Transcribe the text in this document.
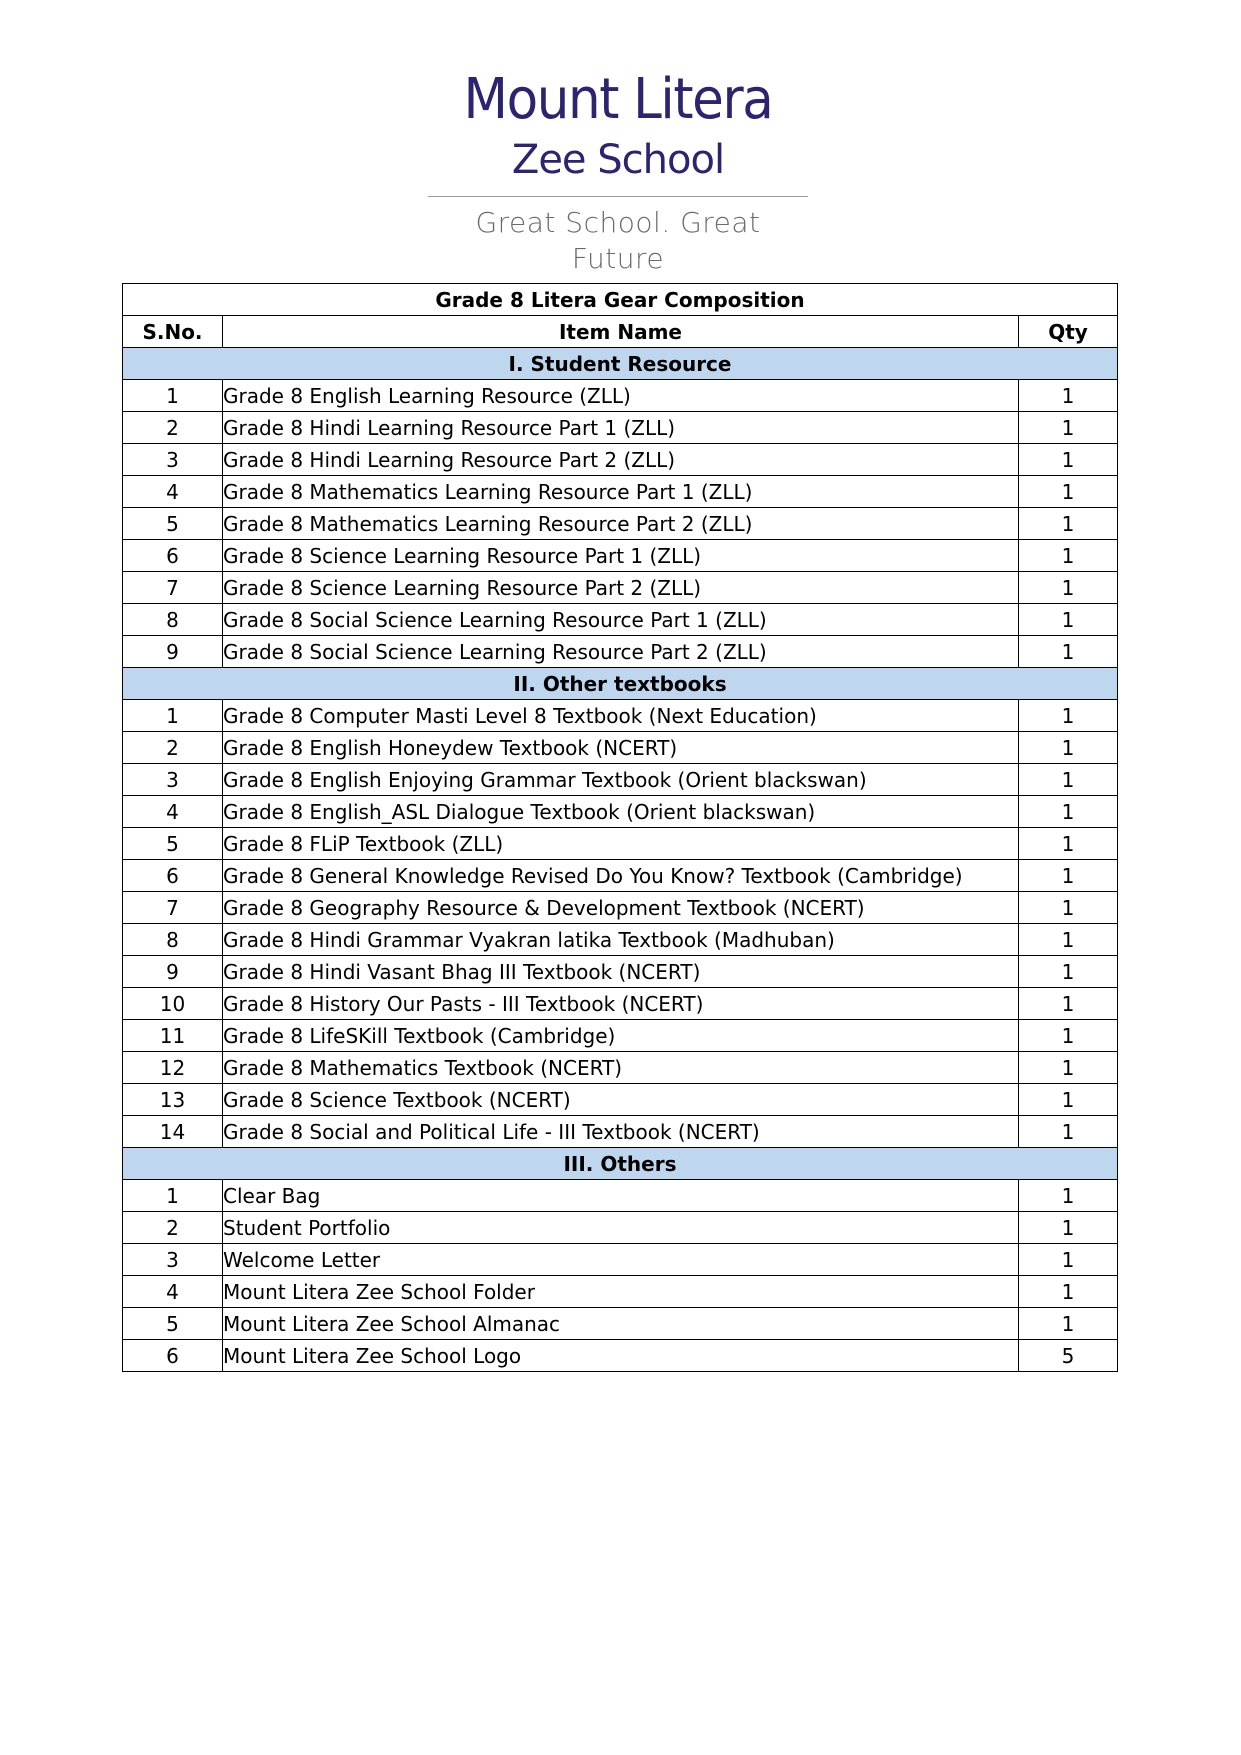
Mount Litera
Zee School
Great School. Great Future
Grade 8 Litera Gear Composition		
S.No.	Item Name	Qty
I. Student Resource		
1	Grade 8 English Learning Resource (ZLL)	1
2	Grade 8 Hindi Learning Resource Part 1 (ZLL)	1
3	Grade 8 Hindi Learning Resource Part 2 (ZLL)	1
4	Grade 8 Mathematics Learning Resource Part 1 (ZLL)	1
5	Grade 8 Mathematics Learning Resource Part 2 (ZLL)	1
6	Grade 8 Science Learning Resource Part 1 (ZLL)	1
7	Grade 8 Science Learning Resource Part 2 (ZLL)	1
8	Grade 8 Social Science Learning Resource Part 1 (ZLL)	1
9	Grade 8 Social Science Learning Resource Part 2 (ZLL)	1
II. Other textbooks		
1	Grade 8 Computer Masti Level 8 Textbook (Next Education)	1
2	Grade 8 English Honeydew Textbook (NCERT)	1
3	Grade 8 English Enjoying Grammar Textbook (Orient blackswan)	1
4	Grade 8 English_ASL Dialogue Textbook (Orient blackswan)	1
5	Grade 8 FLiP Textbook (ZLL)	1
6	Grade 8 General Knowledge Revised Do You Know? Textbook (Cambridge)	1
7	Grade 8 Geography Resource & Development Textbook (NCERT)	1
8	Grade 8 Hindi Grammar Vyakran latika Textbook (Madhuban)	1
9	Grade 8 Hindi Vasant Bhag III Textbook (NCERT)	1
10	Grade 8 History Our Pasts - III Textbook (NCERT)	1
11	Grade 8 LifeSKill Textbook (Cambridge)	1
12	Grade 8 Mathematics Textbook (NCERT)	1
13	Grade 8 Science Textbook (NCERT)	1
14	Grade 8 Social and Political Life - III Textbook (NCERT)	1
III. Others		
1	Clear Bag	1
2	Student Portfolio	1
3	Welcome Letter	1
4	Mount Litera Zee School Folder	1
5	Mount Litera Zee School Almanac	1
6	Mount Litera Zee School Logo	5
